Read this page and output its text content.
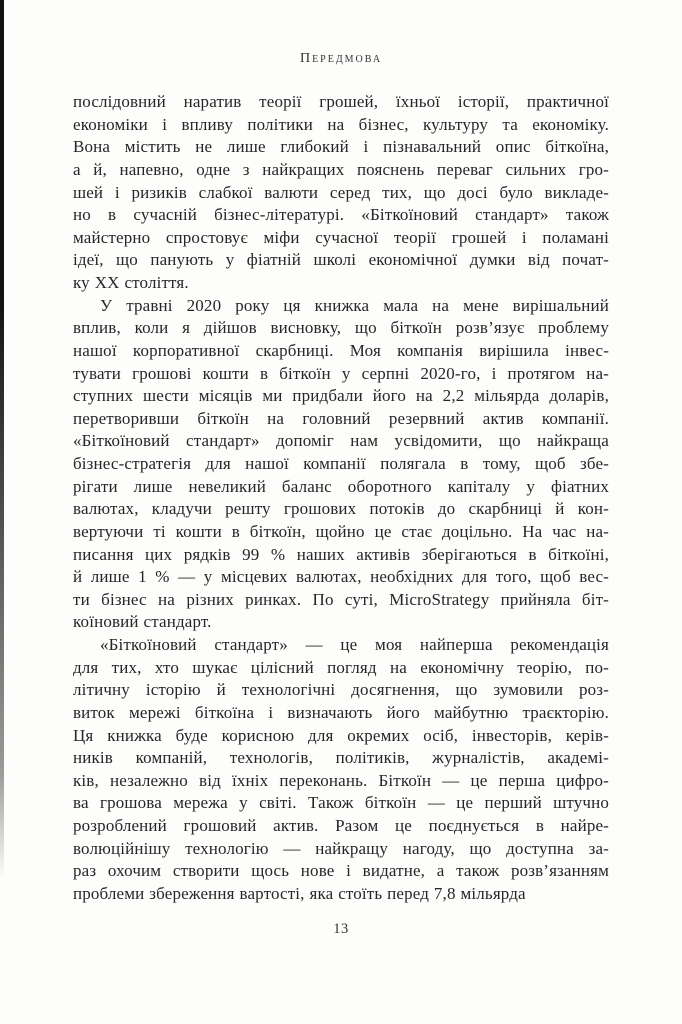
Передмова
послідовний наратив теорії грошей, їхньої історії, практичної
економіки і впливу політики на бізнес, культуру та економіку.
Вона містить не лише глибокий і пізнавальний опис біткоїна,
а й, напевно, одне з найкращих пояснень переваг сильних гро-
шей і ризиків слабкої валюти серед тих, що досі було викладе-
но в сучасній бізнес-літературі. «Біткоїновий стандарт» також
майстерно спростовує міфи сучасної теорії грошей і поламані
ідеї, що панують у фіатній школі економічної думки від почат-
ку XX століття.
У травні 2020 року ця книжка мала на мене вирішальний
вплив, коли я дійшов висновку, що біткоїн розв’язує проблему
нашої корпоративної скарбниці. Моя компанія вирішила інвес-
тувати грошові кошти в біткоїн у серпні 2020-го, і протягом на-
ступних шести місяців ми придбали його на 2,2 мільярда доларів,
перетворивши біткоїн на головний резервний актив компанії.
«Біткоїновий стандарт» допоміг нам усвідомити, що найкраща
бізнес-стратегія для нашої компанії полягала в тому, щоб збе-
рігати лише невеликий баланс оборотного капіталу у фіатних
валютах, кладучи решту грошових потоків до скарбниці й кон-
вертуючи ті кошти в біткоїн, щойно це стає доцільно. На час на-
писання цих рядків 99 % наших активів зберігаються в біткоїні,
й лише 1 % — у місцевих валютах, необхідних для того, щоб вес-
ти бізнес на різних ринках. По суті, MicroStrategy прийняла біт-
коїновий стандарт.
«Біткоїновий стандарт» — це моя найперша рекомендація
для тих, хто шукає цілісний погляд на економічну теорію, по-
літичну історію й технологічні досягнення, що зумовили роз-
виток мережі біткоїна і визначають його майбутню траєкторію.
Ця книжка буде корисною для окремих осіб, інвесторів, керів-
ників компаній, технологів, політиків, журналістів, академі-
ків, незалежно від їхніх переконань. Біткоїн — це перша цифро-
ва грошова мережа у світі. Також біткоїн — це перший штучно
розроблений грошовий актив. Разом це поєднується в найре-
волюційнішу технологію — найкращу нагоду, що доступна за-
раз охочим створити щось нове і видатне, а також розв’язанням
проблеми збереження вартості, яка стоїть перед 7,8 мільярда
13
